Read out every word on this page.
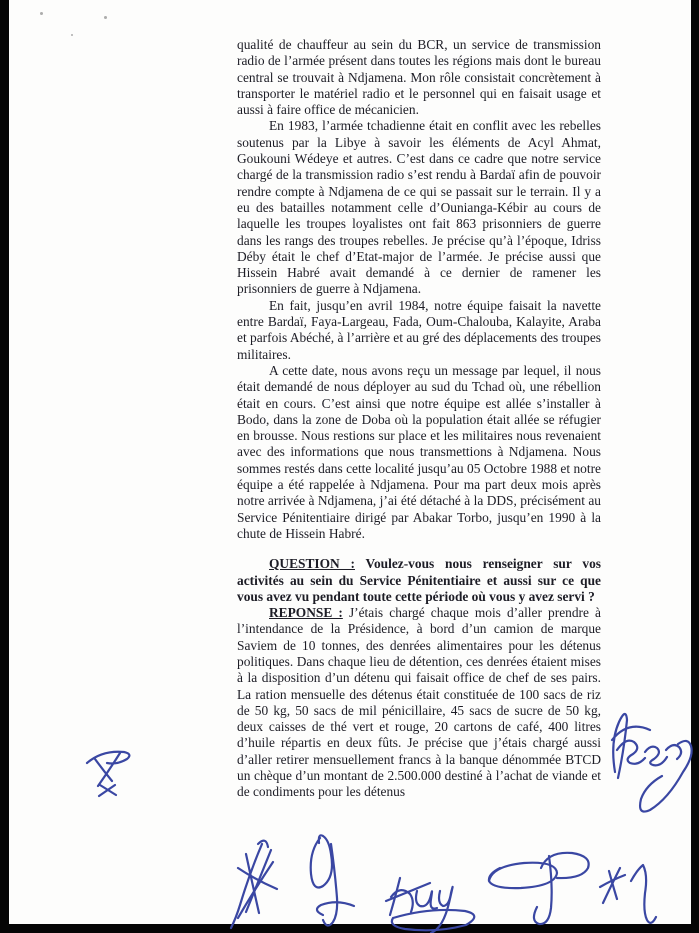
qualité de chauffeur au sein du BCR, un service de transmission radio de l’armée présent dans toutes les régions mais dont le bureau central se trouvait à Ndjamena. Mon rôle consistait concrètement à transporter le matériel radio et le personnel qui en faisait usage et aussi à faire office de mécanicien.

En 1983, l’armée tchadienne était en conflit avec les rebelles soutenus par la Libye à savoir les éléments de Acyl Ahmat, Goukouni Wédeye et autres. C’est dans ce cadre que notre service chargé de la transmission radio s’est rendu à Bardaï afin de pouvoir rendre compte à Ndjamena de ce qui se passait sur le terrain. Il y a eu des batailles notamment celle d’Ounianga-Kébir au cours de laquelle les troupes loyalistes ont fait 863 prisonniers de guerre dans les rangs des troupes rebelles. Je précise qu’à l’époque, Idriss Déby était le chef d’Etat-major de l’armée. Je précise aussi que Hissein Habré avait demandé à ce dernier de ramener les prisonniers de guerre à Ndjamena.

En fait, jusqu’en avril 1984, notre équipe faisait la navette entre Bardaï, Faya-Largeau, Fada, Oum-Chalouba, Kalayite, Araba et parfois Abéché, à l’arrière et au gré des déplacements des troupes militaires.

A cette date, nous avons reçu un message par lequel, il nous était demandé de nous déployer au sud du Tchad où, une rébellion était en cours. C’est ainsi que notre équipe est allée s’installer à Bodo, dans la zone de Doba où la population était allée se réfugier en brousse. Nous restions sur place et les militaires nous revenaient avec des informations que nous transmettions à Ndjamena. Nous sommes restés dans cette localité jusqu’au 05 Octobre 1988 et notre équipe a été rappelée à Ndjamena. Pour ma part deux mois après notre arrivée à Ndjamena, j’ai été détaché à la DDS, précisément au Service Pénitentiaire dirigé par Abakar Torbo, jusqu’en 1990 à la chute de Hissein Habré.

QUESTION : Voulez-vous nous renseigner sur vos activités au sein du Service Pénitentiaire et aussi sur ce que vous avez vu pendant toute cette période où vous y avez servi ?

REPONSE : J’étais chargé chaque mois d’aller prendre à l’intendance de la Présidence, à bord d’un camion de marque Saviem de 10 tonnes, des denrées alimentaires pour les détenus politiques. Dans chaque lieu de détention, ces denrées étaient mises à la disposition d’un détenu qui faisait office de chef de ses pairs. La ration mensuelle des détenus était constituée de 100 sacs de riz de 50 kg, 50 sacs de mil pénicillaire, 45 sacs de sucre de 50 kg, deux caisses de thé vert et rouge, 20 cartons de café, 400 litres d’huile répartis en deux fûts. Je précise que j’étais chargé aussi d’aller retirer mensuellement francs à la banque dénommée BTCD un chèque d’un montant de 2.500.000 destiné à l’achat de viande et de condiments pour les détenus
